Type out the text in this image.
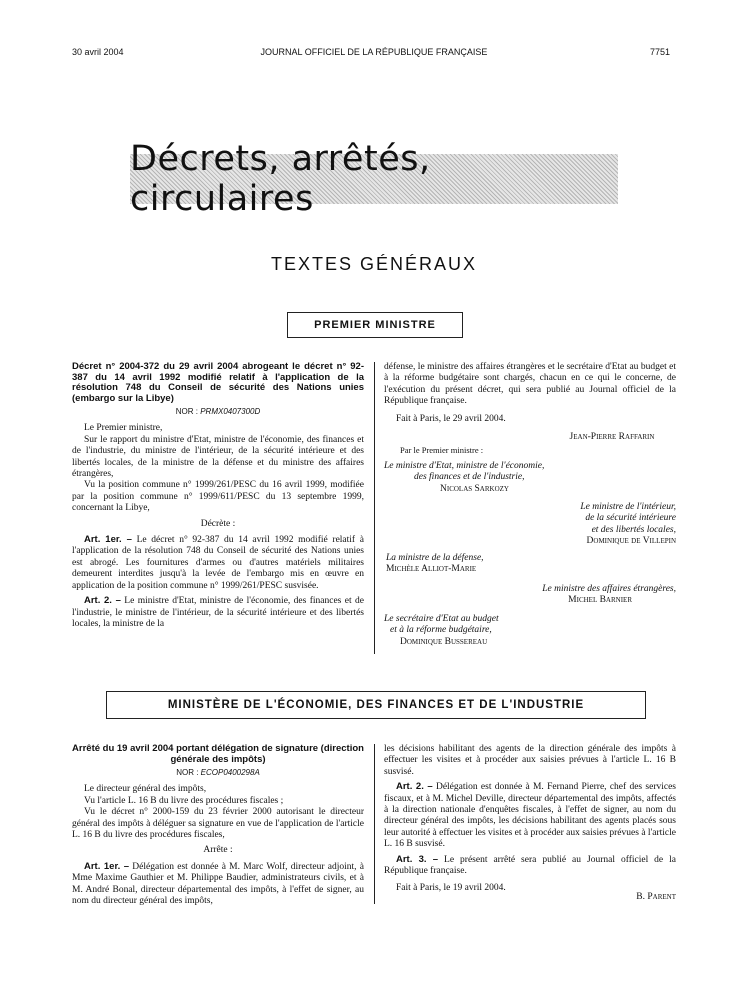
30 avril 2004	JOURNAL OFFICIEL DE LA RÉPUBLIQUE FRANÇAISE	7751
Décrets, arrêtés, circulaires
TEXTES GÉNÉRAUX
PREMIER MINISTRE
Décret n° 2004-372 du 29 avril 2004 abrogeant le décret n° 92-387 du 14 avril 1992 modifié relatif à l'application de la résolution 748 du Conseil de sécurité des Nations unies (embargo sur la Libye)
NOR : PRMX0407300D

Le Premier ministre,

Sur le rapport du ministre d'Etat, ministre de l'économie, des finances et de l'industrie, du ministre de l'intérieur, de la sécurité intérieure et des libertés locales, de la ministre de la défense et du ministre des affaires étrangères,

Vu la position commune n° 1999/261/PESC du 16 avril 1999, modifiée par la position commune n° 1999/611/PESC du 13 septembre 1999, concernant la Libye,

Décrète :

Art. 1er. – Le décret n° 92-387 du 14 avril 1992 modifié relatif à l'application de la résolution 748 du Conseil de sécurité des Nations unies est abrogé. Les fournitures d'armes ou d'autres matériels militaires demeurent interdites jusqu'à la levée de l'embargo mis en œuvre en application de la position commune n° 1999/261/PESC susvisée.

Art. 2. – Le ministre d'Etat, ministre de l'économie, des finances et de l'industrie, le ministre de l'intérieur, de la sécurité intérieure et des libertés locales, la ministre de la

défense, le ministre des affaires étrangères et le secrétaire d'Etat au budget et à la réforme budgétaire sont chargés, chacun en ce qui le concerne, de l'exécution du présent décret, qui sera publié au Journal officiel de la République française.

Fait à Paris, le 29 avril 2004.

Jean-Pierre Raffarin
Par le Premier ministre :
Le ministre d'Etat, ministre de l'économie,
des finances et de l'industrie,
Nicolas Sarkozy
Le ministre de l'intérieur,
de la sécurité intérieure
et des libertés locales,
Dominique de Villepin
La ministre de la défense,
Michèle Alliot-Marie
Le ministre des affaires étrangères,
Michel Barnier
Le secrétaire d'Etat au budget
et à la réforme budgétaire,
Dominique Bussereau
MINISTÈRE DE L'ÉCONOMIE, DES FINANCES ET DE L'INDUSTRIE
Arrêté du 19 avril 2004 portant délégation de signature (direction générale des impôts)
NOR : ECOP0400298A

Le directeur général des impôts,

Vu l'article L. 16 B du livre des procédures fiscales ;

Vu le décret n° 2000-159 du 23 février 2000 autorisant le directeur général des impôts à déléguer sa signature en vue de l'application de l'article L. 16 B du livre des procédures fiscales,

Arrête :

Art. 1er. – Délégation est donnée à M. Marc Wolf, directeur adjoint, à Mme Maxime Gauthier et M. Philippe Baudier, administrateurs civils, et à M. André Bonal, directeur départemental des impôts, à l'effet de signer, au nom du directeur général des impôts,

les décisions habilitant des agents de la direction générale des impôts à effectuer les visites et à procéder aux saisies prévues à l'article L. 16 B susvisé.

Art. 2. – Délégation est donnée à M. Fernand Pierre, chef des services fiscaux, et à M. Michel Deville, directeur départemental des impôts, affectés à la direction nationale d'enquêtes fiscales, à l'effet de signer, au nom du directeur général des impôts, les décisions habilitant des agents placés sous leur autorité à effectuer les visites et à procéder aux saisies prévues à l'article L. 16 B susvisé.

Art. 3. – Le présent arrêté sera publié au Journal officiel de la République française.

Fait à Paris, le 19 avril 2004.

B. Parent
